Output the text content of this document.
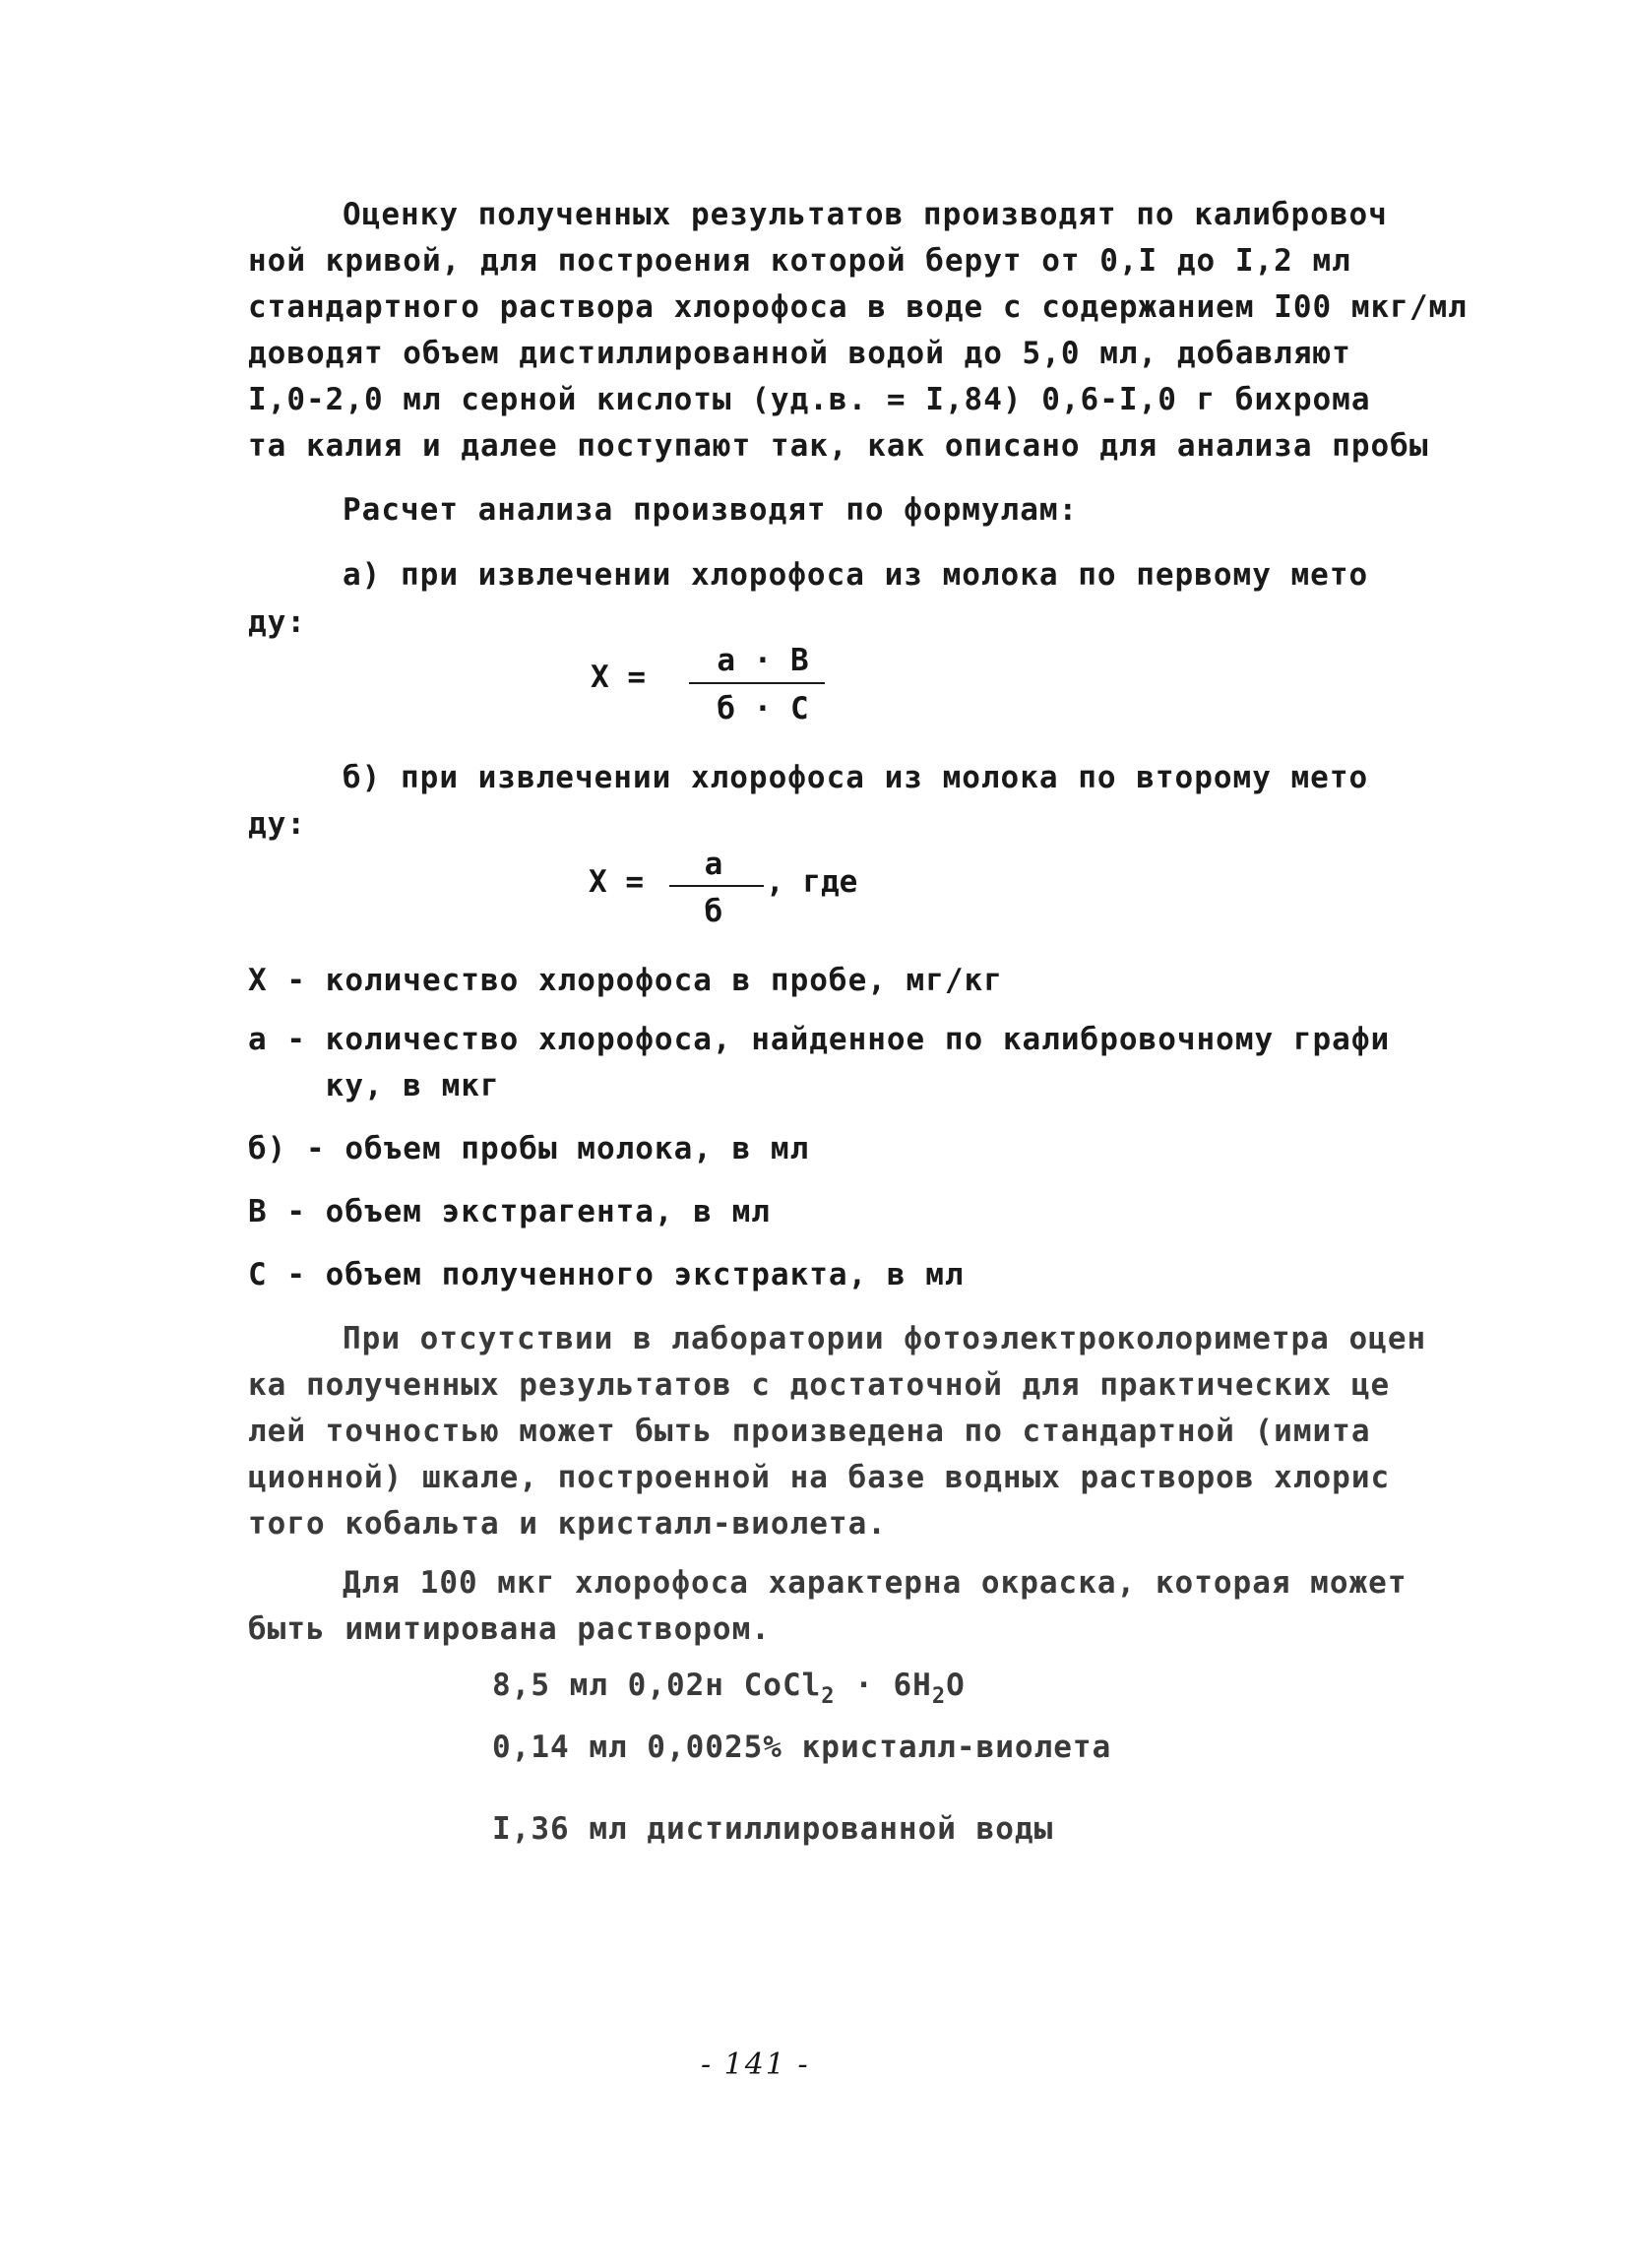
Оценку полученных результатов производят по калибровоч
ной кривой, для построения которой берут от 0,I до I,2 мл
стандартного раствора хлорофоса в воде с содержанием I00 мкг/мл
доводят объем дистиллированной водой до 5,0 мл, добавляют
I,0-2,0 мл серной кислоты (уд.в. = I,84) 0,6-I,0 г бихрома
та калия и далее поступают так, как описано для анализа пробы
Расчет анализа производят по формулам:
а) при извлечении хлорофоса из молока по первому мето
ду:
X =	а · В
б · С
б) при извлечении хлорофоса из молока по второму мето
ду:
X =	а
б
, где
X - количество хлорофоса в пробе, мг/кг
а - количество хлорофоса, найденное по калибровочному графи
ку, в мкг
б) - объем пробы молока, в мл
В - объем экстрагента, в мл
С - объем полученного экстракта, в мл
При отсутствии в лаборатории фотоэлектроколориметра оцен
ка полученных результатов с достаточной для практических це
лей точностью может быть произведена по стандартной (имита
ционной) шкале, построенной на базе водных растворов хлорис
того кобальта и кристалл-виолета.
Для 100 мкг хлорофоса характерна окраска, которая может
быть имитирована раствором.
8,5 мл 0,02н CoCl$_2$ · $6H_2O$
0,14 мл 0,0025% кристалл-виолета
I,36 мл дистиллированной воды
- 141 -
